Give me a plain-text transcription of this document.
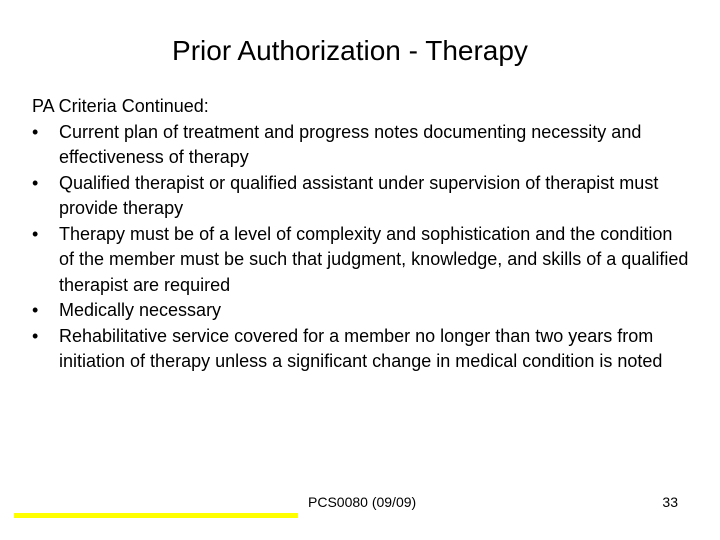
Prior Authorization - Therapy

PA Criteria Continued:

• Current plan of treatment and progress notes documenting necessity and effectiveness of therapy
• Qualified therapist or qualified assistant under supervision of therapist must provide therapy
• Therapy must be of a level of complexity and sophistication and the condition of the member must be such that judgment, knowledge, and skills of a qualified therapist are required
• Medically necessary
• Rehabilitative service covered for a member no longer than two years from initiation of therapy unless a significant change in medical condition is noted
PCS0080 (09/09)	33
